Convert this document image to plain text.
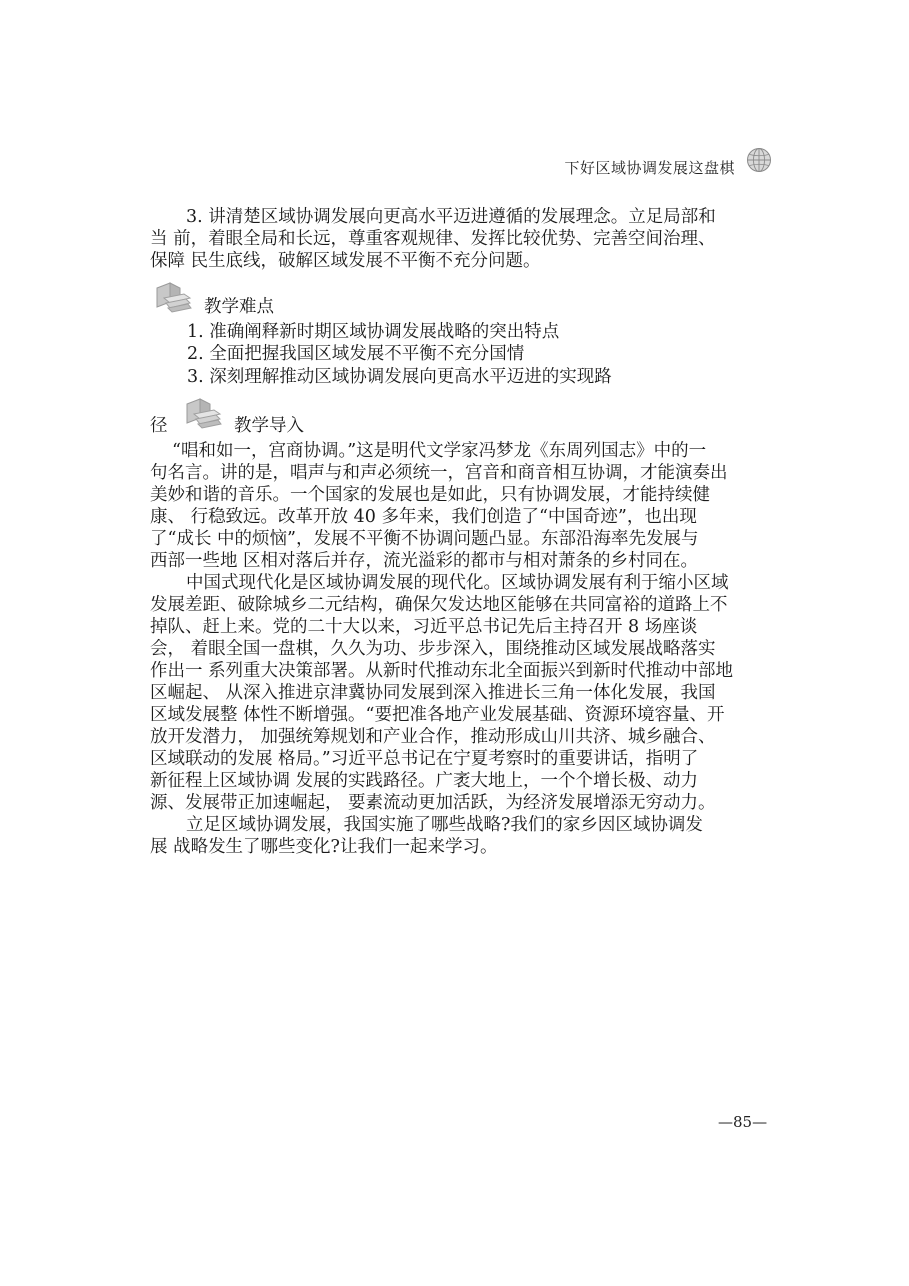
下好区域协调发展这盘棋
3. 讲清楚区域协调发展向更高水平迈进遵循的发展理念。立足局部和
当 前，着眼全局和长远，尊重客观规律、发挥比较优势、完善空间治理、
保障 民生底线，破解区域发展不平衡不充分问题。
教学难点
1. 准确阐释新时期区域协调发展战略的突出特点
2. 全面把握我国区域发展不平衡不充分国情
3. 深刻理解推动区域协调发展向更高水平迈进的实现路
径	教学导入
“唱和如一，宫商协调。”这是明代文学家冯梦龙《东周列国志》中的一
句名言。讲的是，唱声与和声必须统一，宫音和商音相互协调，才能演奏出
美妙和谐的音乐。一个国家的发展也是如此，只有协调发展，才能持续健
康、 行稳致远。改革开放 40 多年来，我们创造了“中国奇迹”，也出现
了“成长 中的烦恼”，发展不平衡不协调问题凸显。东部沿海率先发展与
西部一些地 区相对落后并存，流光溢彩的都市与相对萧条的乡村同在。
中国式现代化是区域协调发展的现代化。区域协调发展有利于缩小区域
发展差距、破除城乡二元结构，确保欠发达地区能够在共同富裕的道路上不
掉队、赶上来。党的二十大以来，习近平总书记先后主持召开 8 场座谈
会， 着眼全国一盘棋，久久为功、步步深入，围绕推动区域发展战略落实
作出一 系列重大决策部署。从新时代推动东北全面振兴到新时代推动中部地
区崛起、 从深入推进京津冀协同发展到深入推进长三角一体化发展，我国
区域发展整 体性不断增强。“要把准各地产业发展基础、资源环境容量、开
放开发潜力， 加强统筹规划和产业合作，推动形成山川共济、城乡融合、
区域联动的发展 格局。”习近平总书记在宁夏考察时的重要讲话，指明了
新征程上区域协调 发展的实践路径。广袤大地上，一个个增长极、动力
源、发展带正加速崛起， 要素流动更加活跃，为经济发展增添无穷动力。
立足区域协调发展，我国实施了哪些战略?我们的家乡因区域协调发
展 战略发生了哪些变化?让我们一起来学习。
—85—
